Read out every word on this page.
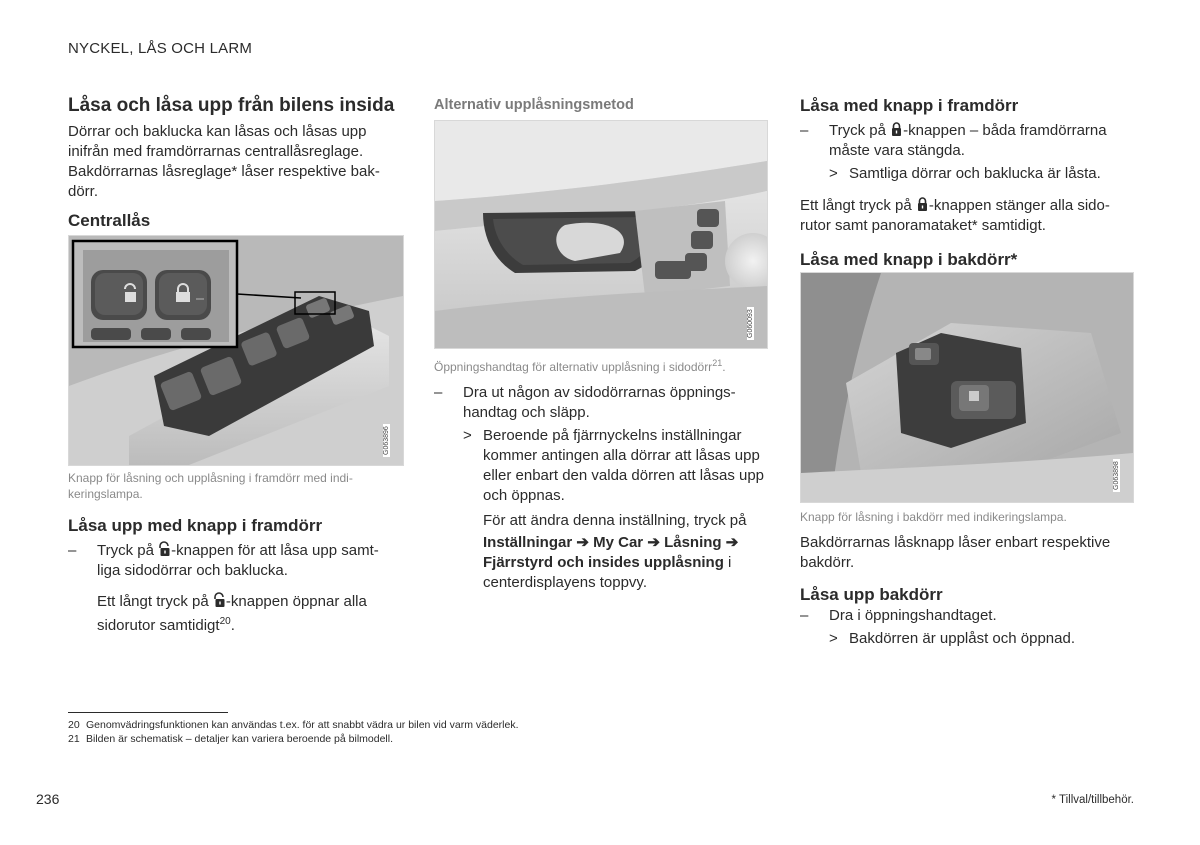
NYCKEL, LÅS OCH LARM
Låsa och låsa upp från bilens insida
Dörrar och baklucka kan låsas och låsas upp
inifrån med framdörrarnas centrallåsreglage.
Bakdörrarnas låsreglage* låser respektive bak-
dörr.
Centrallås
G063896
Knapp för låsning och upplåsning i framdörr med indi-
keringslampa.
Låsa upp med knapp i framdörr
– Tryck på -knappen för att låsa upp samt-
liga sidodörrar och baklucka.
Ett långt tryck på -knappen öppnar alla
sidorutor samtidigt$^{20}$.
Alternativ upplåsningsmetod
G060093
Öppningshandtag för alternativ upplåsning i sidodörr$^{21}$.
– Dra ut någon av sidodörrarnas öppnings-
handtag och släpp.
> Beroende på fjärrnyckelns inställningar
kommer antingen alla dörrar att låsas upp
eller enbart den valda dörren att låsas upp
och öppnas.
För att ändra denna inställning, tryck på
Inställningar ➔ My Car ➔ Låsning ➔
Fjärrstyrd och insides upplåsning i
centerdisplayens toppvy.
Låsa med knapp i framdörr
– Tryck på -knappen – båda framdörrarna
måste vara stängda.
> Samtliga dörrar och baklucka är låsta.
Ett långt tryck på -knappen stänger alla sido-
rutor samt panoramataket* samtidigt.
Låsa med knapp i bakdörr*
G063898
Knapp för låsning i bakdörr med indikeringslampa.
Bakdörrarnas låsknapp låser enbart respektive
bakdörr.
Låsa upp bakdörr
–	Dra i öppningshandtaget.
> Bakdörren är upplåst och öppnad.
20 Genomvädringsfunktionen kan användas t.ex. för att snabbt vädra ur bilen vid varm väderlek.
21 Bilden är schematisk – detaljer kan variera beroende på bilmodell.
236	* Tillval/tillbehör.
